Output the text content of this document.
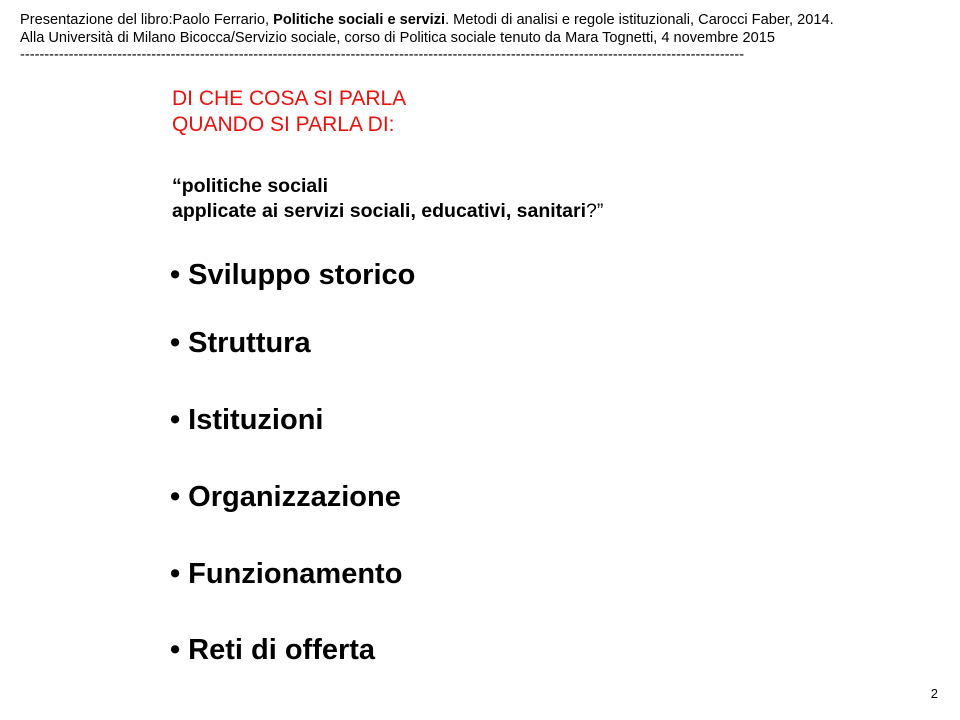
Presentazione del libro:Paolo Ferrario, Politiche sociali e servizi. Metodi di analisi e regole istituzionali, Carocci Faber, 2014.
Alla Università di Milano Bicocca/Servizio sociale, corso di Politica sociale tenuto da Mara Tognetti, 4 novembre 2015
-----------------------------------------------------------------------------------------------------------------------------------------------------
DI CHE COSA SI PARLA
QUANDO SI PARLA DI:
“politiche sociali
applicate ai servizi sociali, educativi, sanitari?”
• Sviluppo storico
• Struttura
• Istituzioni
• Organizzazione
• Funzionamento
• Reti di offerta
2
